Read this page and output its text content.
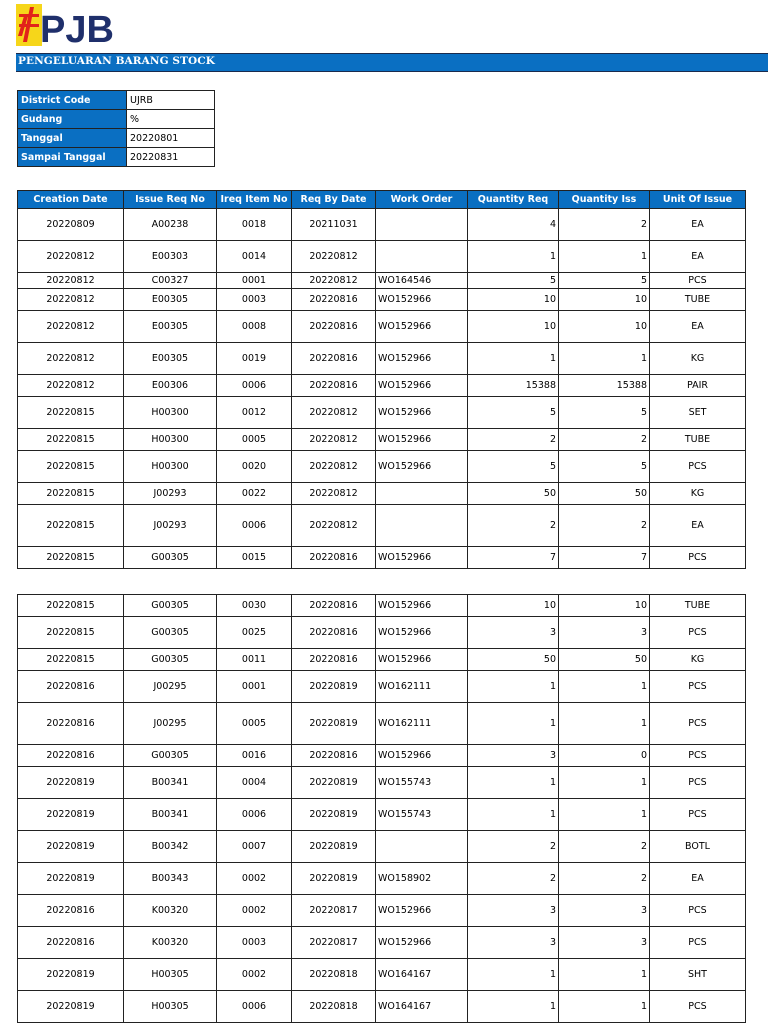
PJB
PENGELUARAN BARANG STOCK
District Code	UJRB
Gudang	%
Tanggal	20220801
Sampai Tanggal	20220831
Creation Date	Issue Req No	Ireq Item No	Req By Date	Work Order	Quantity Req	Quantity Iss	Unit Of Issue
20220809	A00238	0018	20211031		4	2	EA
20220812	E00303	0014	20220812		1	1	EA
20220812	C00327	0001	20220812	WO164546	5	5	PCS
20220812	E00305	0003	20220816	WO152966	10	10	TUBE
20220812	E00305	0008	20220816	WO152966	10	10	EA
20220812	E00305	0019	20220816	WO152966	1	1	KG
20220812	E00306	0006	20220816	WO152966	15388	15388	PAIR
20220815	H00300	0012	20220812	WO152966	5	5	SET
20220815	H00300	0005	20220812	WO152966	2	2	TUBE
20220815	H00300	0020	20220812	WO152966	5	5	PCS
20220815	J00293	0022	20220812		50	50	KG
20220815	J00293	0006	20220812		2	2	EA
20220815	G00305	0015	20220816	WO152966	7	7	PCS
20220815	G00305	0030	20220816	WO152966	10	10	TUBE
20220815	G00305	0025	20220816	WO152966	3	3	PCS
20220815	G00305	0011	20220816	WO152966	50	50	KG
20220816	J00295	0001	20220819	WO162111	1	1	PCS
20220816	J00295	0005	20220819	WO162111	1	1	PCS
20220816	G00305	0016	20220816	WO152966	3	0	PCS
20220819	B00341	0004	20220819	WO155743	1	1	PCS
20220819	B00341	0006	20220819	WO155743	1	1	PCS
20220819	B00342	0007	20220819		2	2	BOTL
20220819	B00343	0002	20220819	WO158902	2	2	EA
20220816	K00320	0002	20220817	WO152966	3	3	PCS
20220816	K00320	0003	20220817	WO152966	3	3	PCS
20220819	H00305	0002	20220818	WO164167	1	1	SHT
20220819	H00305	0006	20220818	WO164167	1	1	PCS
